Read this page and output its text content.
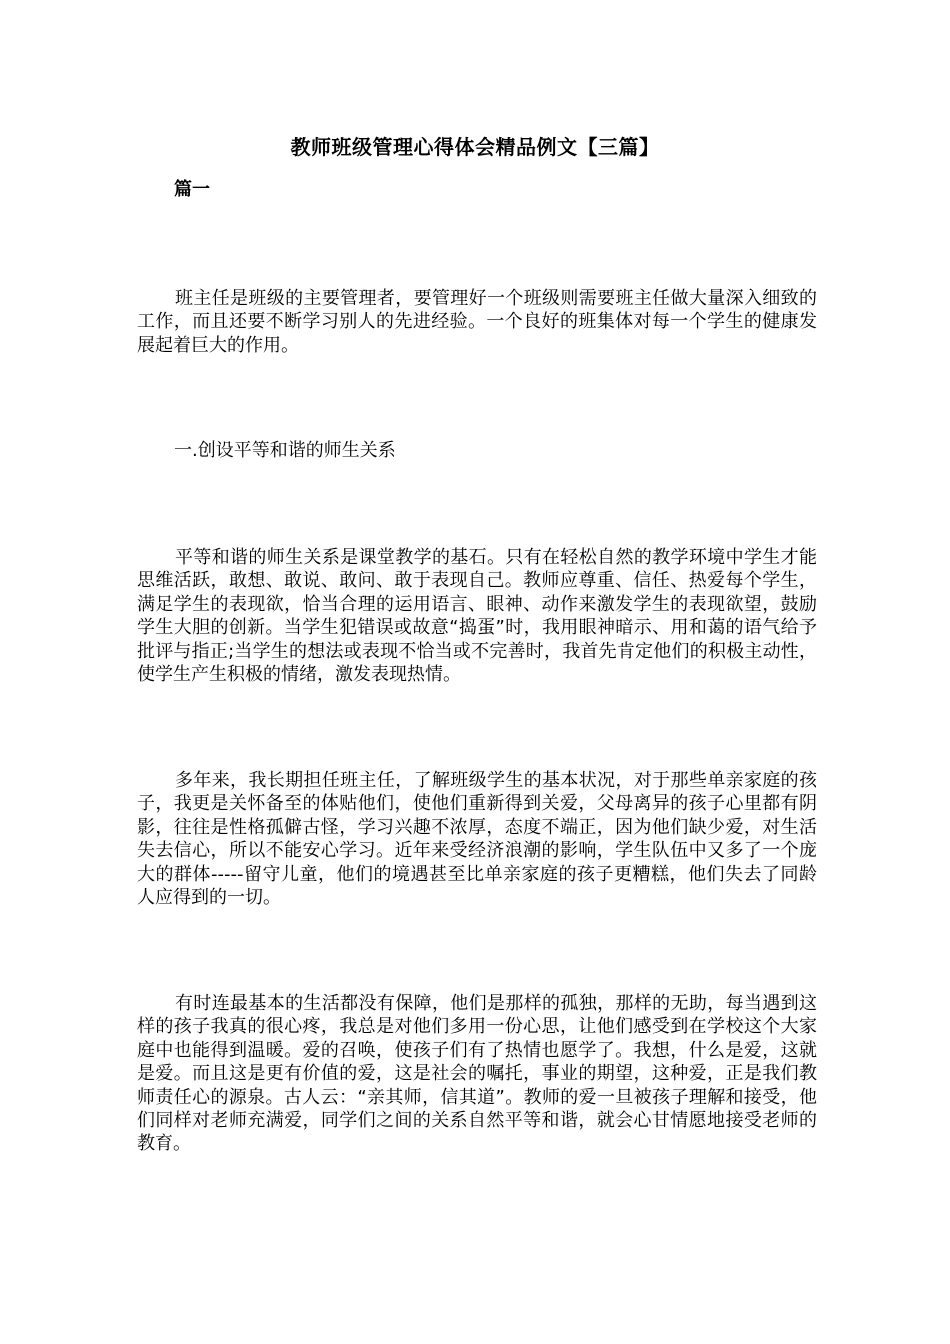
教师班级管理心得体会精品例文【三篇】
篇一
班主任是班级的主要管理者，要管理好一个班级则需要班主任做大量深入细致的工作，而且还要不断学习别人的先进经验。一个良好的班集体对每一个学生的健康发展起着巨大的作用。
一.创设平等和谐的师生关系
平等和谐的师生关系是课堂教学的基石。只有在轻松自然的教学环境中学生才能思维活跃，敢想、敢说、敢问、敢于表现自己。教师应尊重、信任、热爱每个学生，满足学生的表现欲，恰当合理的运用语言、眼神、动作来激发学生的表现欲望，鼓励学生大胆的创新。当学生犯错误或故意“捣蛋”时，我用眼神暗示、用和蔼的语气给予批评与指正;当学生的想法或表现不恰当或不完善时，我首先肯定他们的积极主动性，使学生产生积极的情绪，激发表现热情。
多年来，我长期担任班主任，了解班级学生的基本状况，对于那些单亲家庭的孩子，我更是关怀备至的体贴他们，使他们重新得到关爱，父母离异的孩子心里都有阴影，往往是性格孤僻古怪，学习兴趣不浓厚，态度不端正，因为他们缺少爱，对生活失去信心，所以不能安心学习。近年来受经济浪潮的影响，学生队伍中又多了一个庞大的群体-----留守儿童，他们的境遇甚至比单亲家庭的孩子更糟糕，他们失去了同龄人应得到的一切。
有时连最基本的生活都没有保障，他们是那样的孤独，那样的无助，每当遇到这样的孩子我真的很心疼，我总是对他们多用一份心思，让他们感受到在学校这个大家庭中也能得到温暖。爱的召唤，使孩子们有了热情也愿学了。我想，什么是爱，这就是爱。而且这是更有价值的爱，这是社会的嘱托，事业的期望，这种爱，正是我们教师责任心的源泉。古人云：“亲其师，信其道”。教师的爱一旦被孩子理解和接受，他们同样对老师充满爱，同学们之间的关系自然平等和谐，就会心甘情愿地接受老师的教育。
